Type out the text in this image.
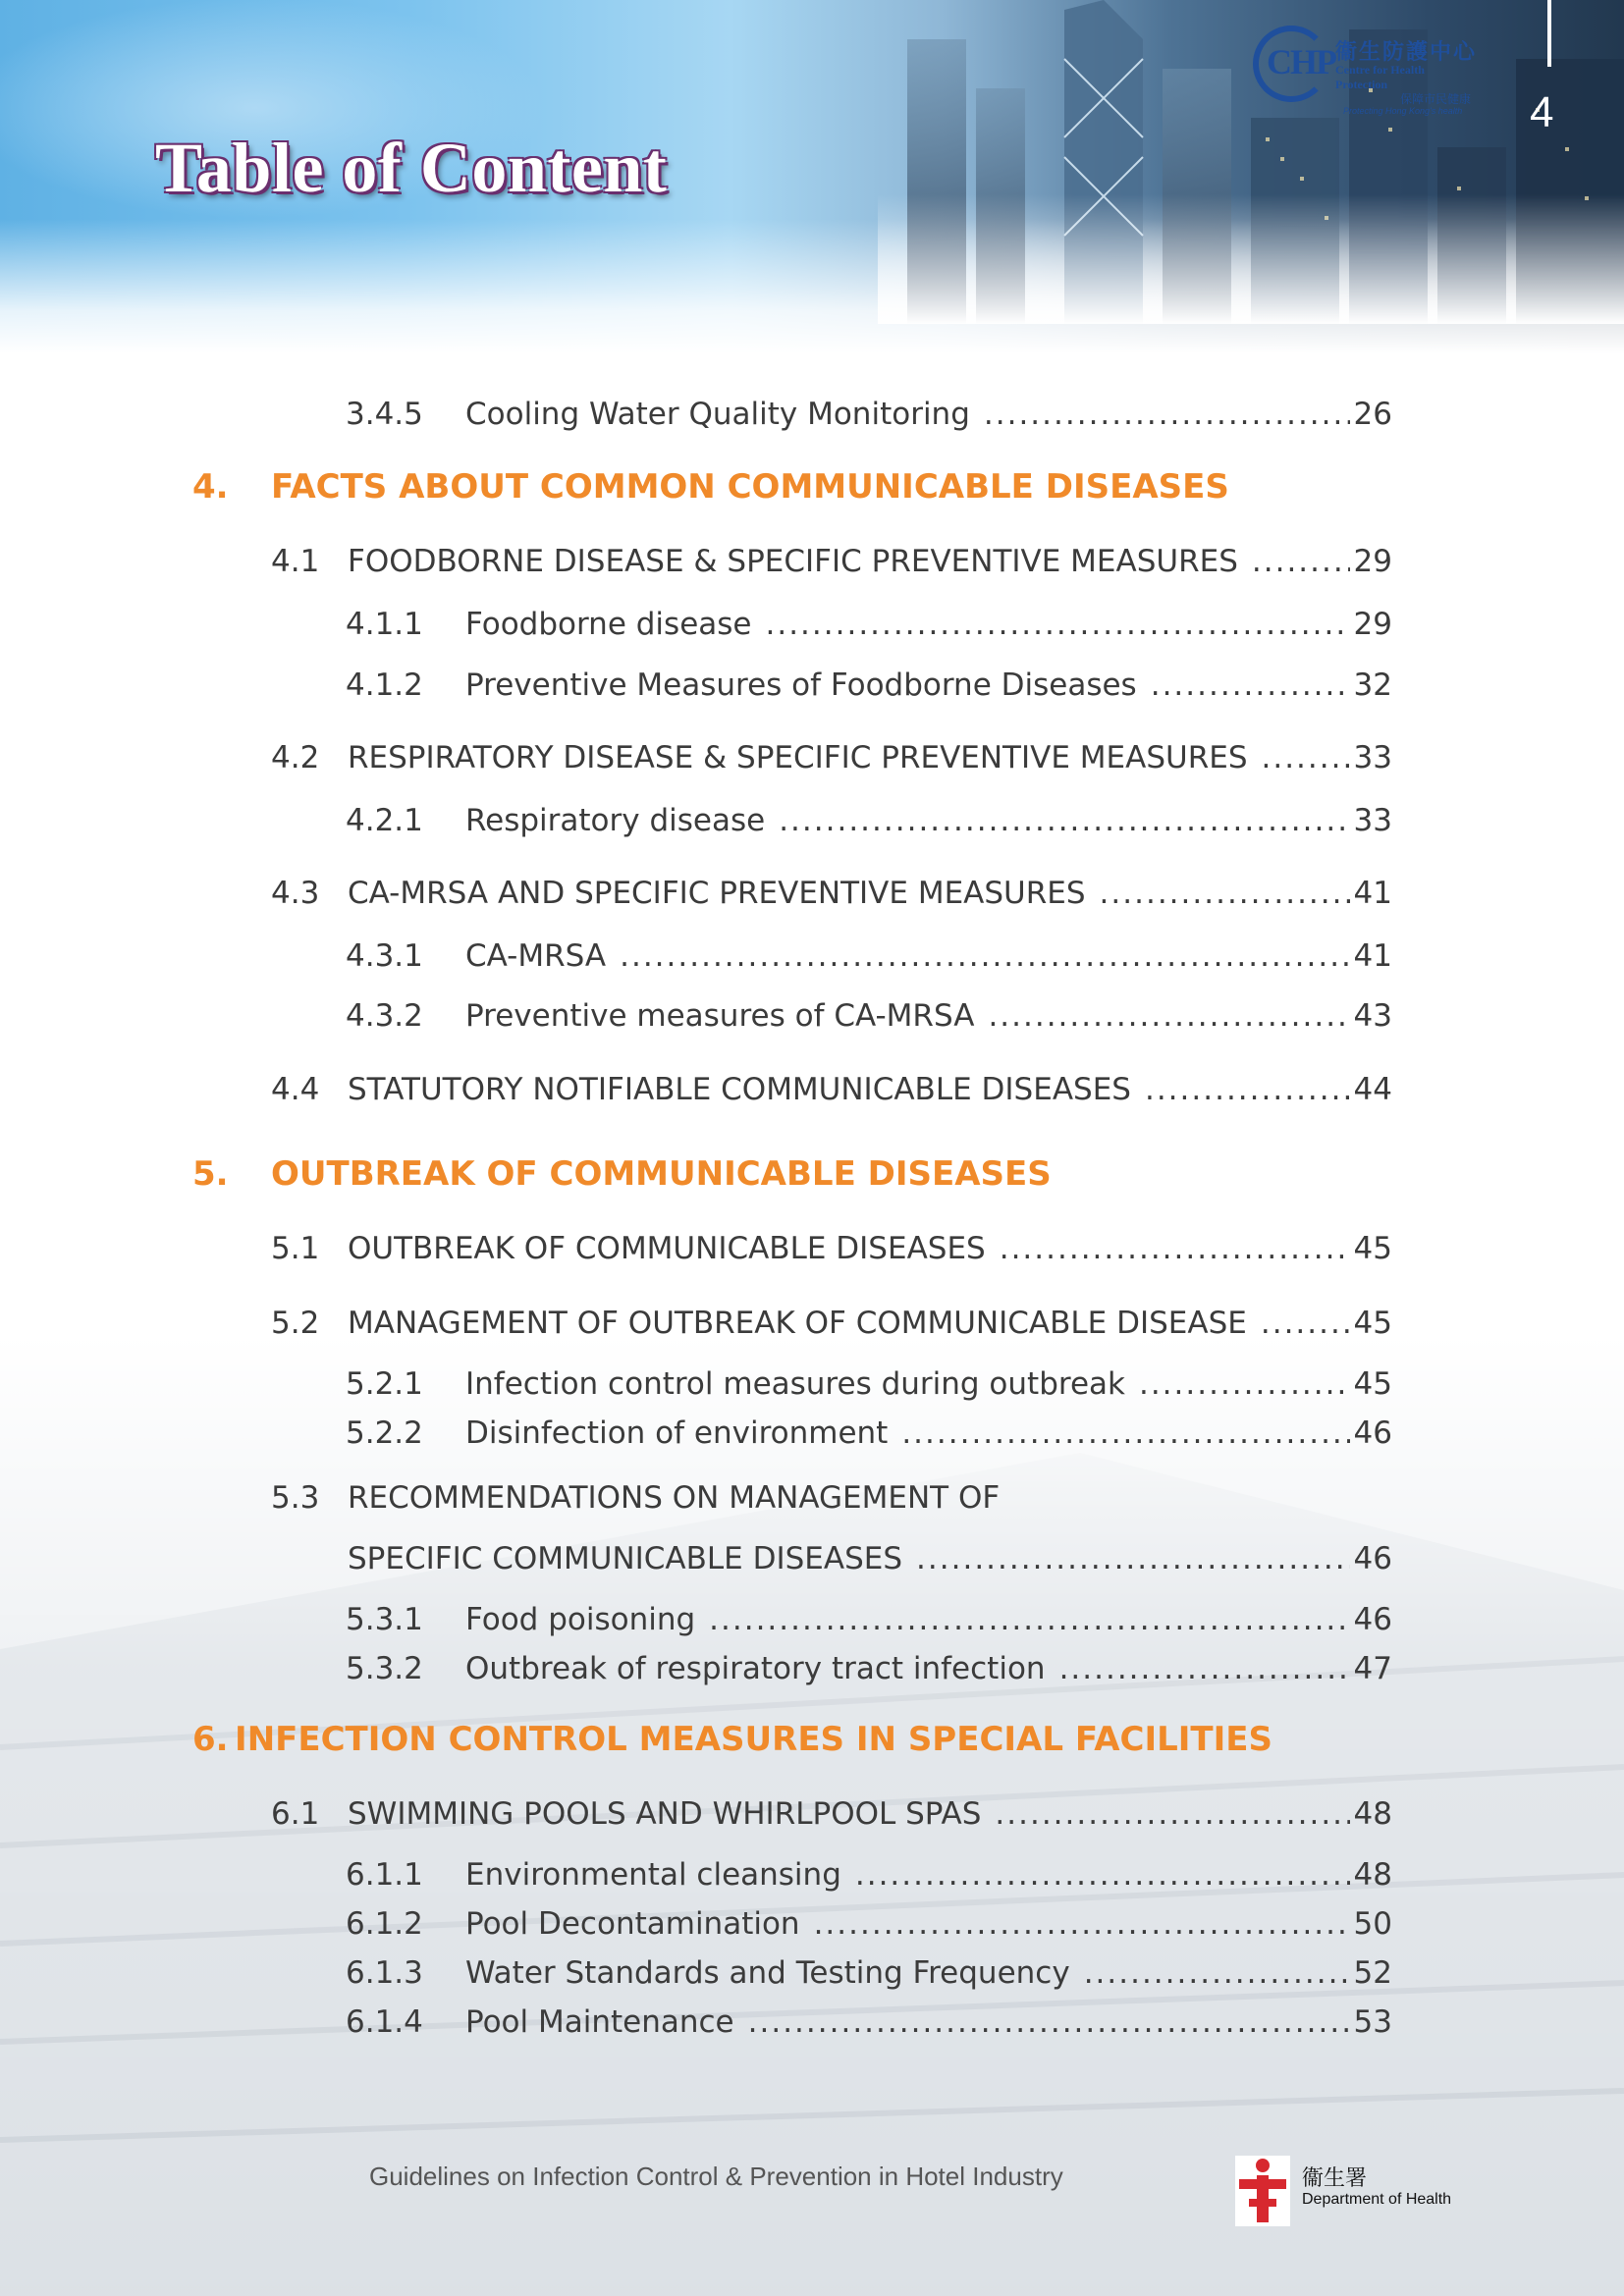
CHP 衞生防護中心
Centre for Health Protection
保障市民健康
Protecting Hong Kong's health 4
Table of Content
3.4.5	Cooling Water Quality Monitoring .....	26
4.	FACTS ABOUT COMMON COMMUNICABLE DISEASES
4.1 FOODBORNE DISEASE & SPECIFIC PREVENTIVE MEASURES .....	29
4.1.1	Foodborne disease .....	29
4.1.2	Preventive Measures of Foodborne Diseases .....	32
4.2 RESPIRATORY DISEASE & SPECIFIC PREVENTIVE MEASURES .....	33
4.2.1	Respiratory disease .....	33
4.3 CA-MRSA AND SPECIFIC PREVENTIVE MEASURES .....	41
4.3.1	CA-MRSA .....	41
4.3.2	Preventive measures of CA-MRSA .....	43
4.4 STATUTORY NOTIFIABLE COMMUNICABLE DISEASES .....	44
5.	OUTBREAK OF COMMUNICABLE DISEASES
5.1 OUTBREAK OF COMMUNICABLE DISEASES .....	45
5.2 MANAGEMENT OF OUTBREAK OF COMMUNICABLE DISEASE .....	45
5.2.1	Infection control measures during outbreak .....	45
5.2.2	Disinfection of environment .....	46
5.3 RECOMMENDATIONS ON MANAGEMENT OF
SPECIFIC COMMUNICABLE DISEASES .....	46
5.3.1	Food poisoning .....	46
5.3.2	Outbreak of respiratory tract infection .....	47
6. INFECTION CONTROL MEASURES IN SPECIAL FACILITIES
6.1 SWIMMING POOLS AND WHIRLPOOL SPAS .....	48
6.1.1	Environmental cleansing .....	48
6.1.2	Pool Decontamination .....	50
6.1.3	Water Standards and Testing Frequency .....	52
6.1.4	Pool Maintenance .....	53
Guidelines on Infection Control & Prevention in Hotel Industry	衞生署
Department of Health
